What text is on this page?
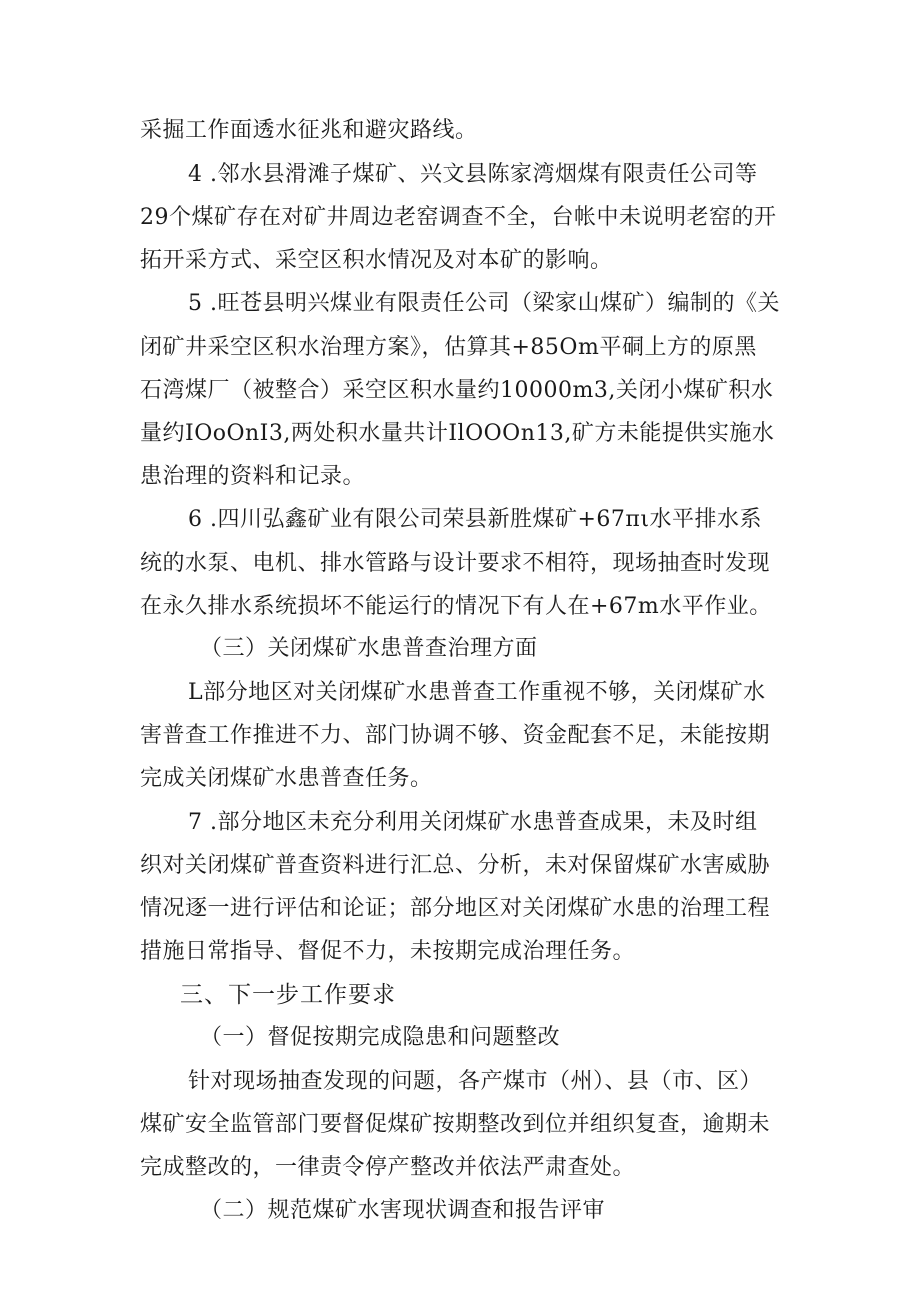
采掘工作面透水征兆和避灾路线。
4 .邻水县滑滩子煤矿、兴文县陈家湾烟煤有限责任公司等
29个煤矿存在对矿井周边老窑调查不全，台帐中未说明老窑的开
拓开采方式、采空区积水情况及对本矿的影响。
5 .旺苍县明兴煤业有限责任公司（梁家山煤矿）编制的《关
闭矿井采空区积水治理方案》，估算其+85Om平硐上方的原黑
石湾煤厂（被整合）采空区积水量约10000m3,关闭小煤矿积水
量约IOoOnI3,两处积水量共计IlOOOn13,矿方未能提供实施水
患治理的资料和记录。
6 .四川弘鑫矿业有限公司荣县新胜煤矿+67πι水平排水系
统的水泵、电机、排水管路与设计要求不相符，现场抽查时发现
在永久排水系统损坏不能运行的情况下有人在+67m水平作业。
（三）关闭煤矿水患普查治理方面
L部分地区对关闭煤矿水患普查工作重视不够，关闭煤矿水
害普查工作推进不力、部门协调不够、资金配套不足，未能按期
完成关闭煤矿水患普查任务。
7 .部分地区未充分利用关闭煤矿水患普查成果，未及时组
织对关闭煤矿普查资料进行汇总、分析，未对保留煤矿水害威胁
情况逐一进行评估和论证；部分地区对关闭煤矿水患的治理工程
措施日常指导、督促不力，未按期完成治理任务。
三、下一步工作要求
（一）督促按期完成隐患和问题整改
针对现场抽查发现的问题，各产煤市（州）、县（市、区）
煤矿安全监管部门要督促煤矿按期整改到位并组织复查，逾期未
完成整改的，一律责令停产整改并依法严肃查处。
（二）规范煤矿水害现状调查和报告评审
